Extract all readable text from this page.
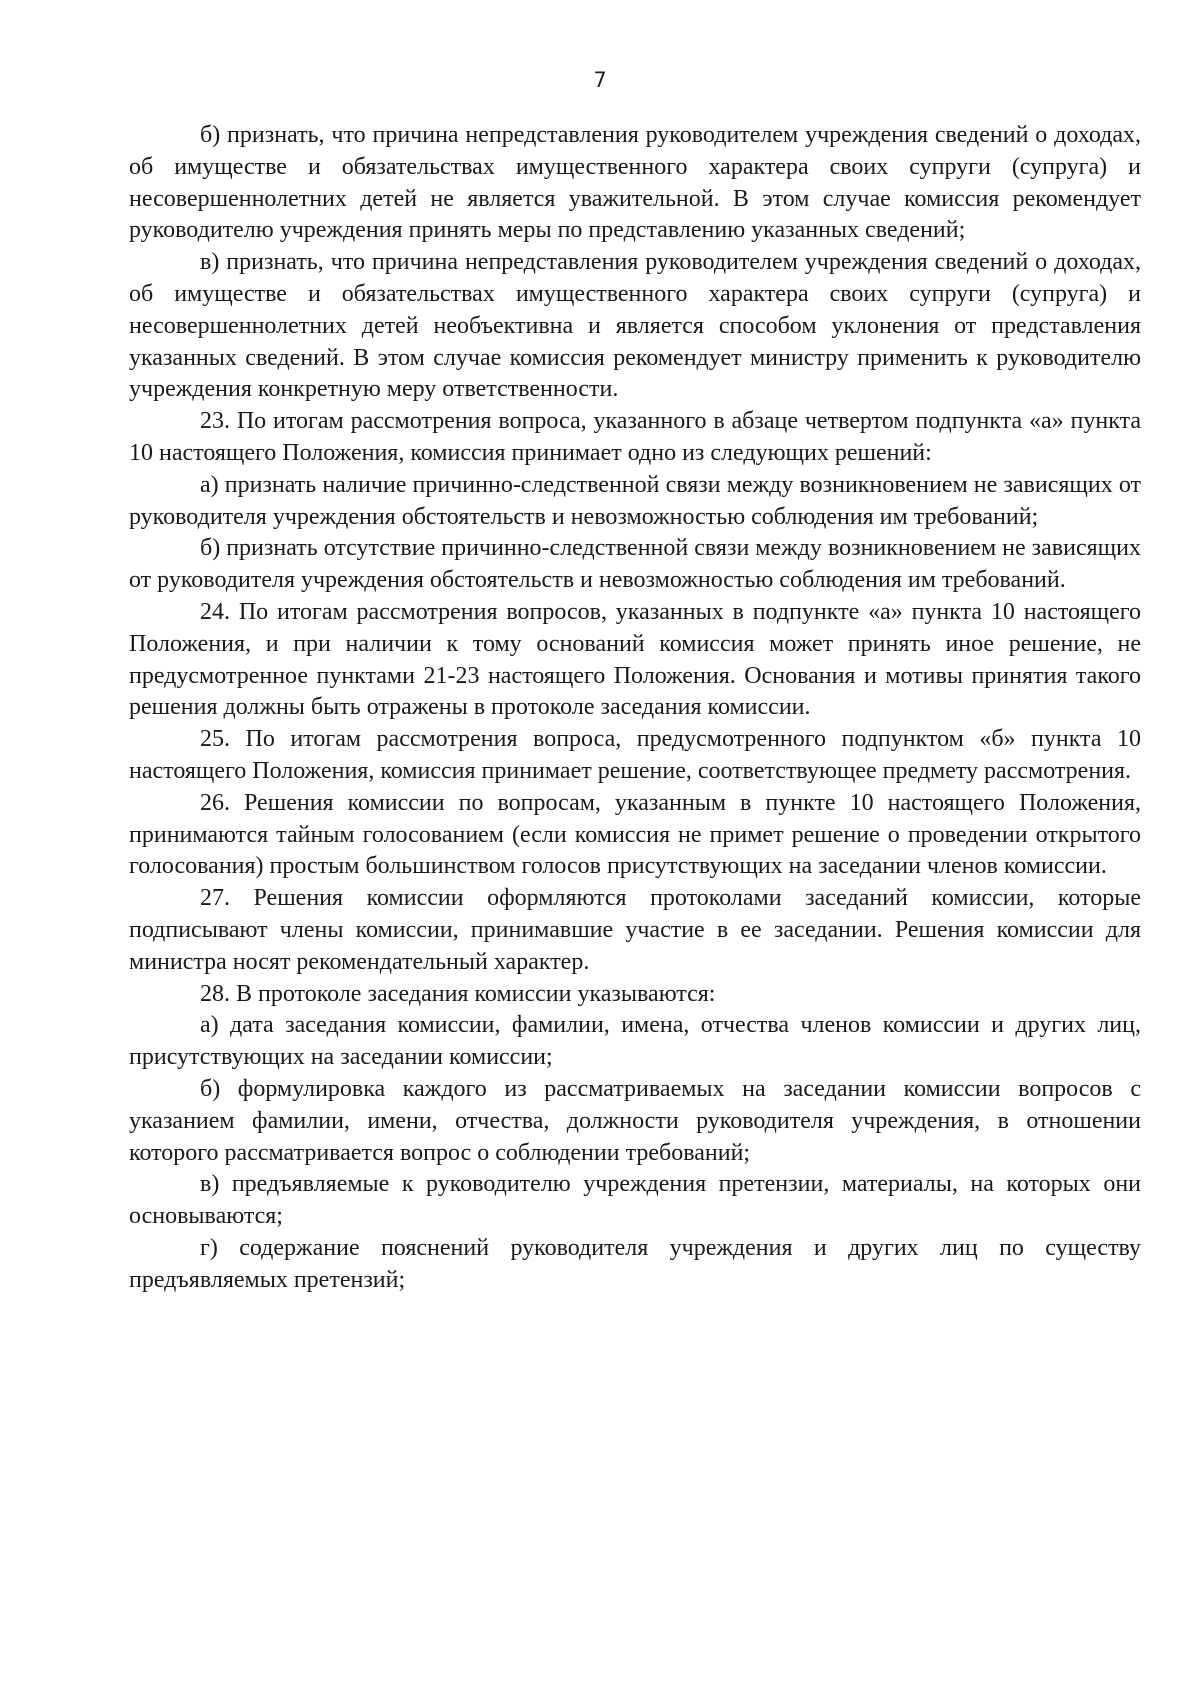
7

б) признать, что причина непредставления руководителем учреждения сведений о доходах, об имуществе и обязательствах имущественного характера своих супруги (супруга) и несовершеннолетних детей не является уважительной. В этом случае комиссия рекомендует руководителю учреждения принять меры по представлению указанных сведений;

в) признать, что причина непредставления руководителем учреждения сведений о доходах, об имуществе и обязательствах имущественного характера своих супруги (супруга) и несовершеннолетних детей необъективна и является способом уклонения от представления указанных сведений. В этом случае комиссия рекомендует министру применить к руководителю учреждения конкретную меру ответственности.

23. По итогам рассмотрения вопроса, указанного в абзаце четвертом подпункта «а» пункта 10 настоящего Положения, комиссия принимает одно из следующих решений:

а) признать наличие причинно-следственной связи между возникновением не зависящих от руководителя учреждения обстоятельств и невозможностью соблюдения им требований;

б) признать отсутствие причинно-следственной связи между возникновением не зависящих от руководителя учреждения обстоятельств и невозможностью соблюдения им требований.

24. По итогам рассмотрения вопросов, указанных в подпункте «а» пункта 10 настоящего Положения, и при наличии к тому оснований комиссия может принять иное решение, не предусмотренное пунктами 21-23 настоящего Положения. Основания и мотивы принятия такого решения должны быть отражены в протоколе заседания комиссии.

25. По итогам рассмотрения вопроса, предусмотренного подпунктом «б» пункта 10 настоящего Положения, комиссия принимает решение, соответствующее предмету рассмотрения.

26. Решения комиссии по вопросам, указанным в пункте 10 настоящего Положения, принимаются тайным голосованием (если комиссия не примет решение о проведении открытого голосования) простым большинством голосов присутствующих на заседании членов комиссии.

27. Решения комиссии оформляются протоколами заседаний комиссии, которые подписывают члены комиссии, принимавшие участие в ее заседании. Решения комиссии для министра носят рекомендательный характер.

28. В протоколе заседания комиссии указываются:

а) дата заседания комиссии, фамилии, имена, отчества членов комиссии и других лиц, присутствующих на заседании комиссии;

б) формулировка каждого из рассматриваемых на заседании комиссии вопросов с указанием фамилии, имени, отчества, должности руководителя учреждения, в отношении которого рассматривается вопрос о соблюдении требований;

в) предъявляемые к руководителю учреждения претензии, материалы, на которых они основываются;

г) содержание пояснений руководителя учреждения и других лиц по существу предъявляемых претензий;
